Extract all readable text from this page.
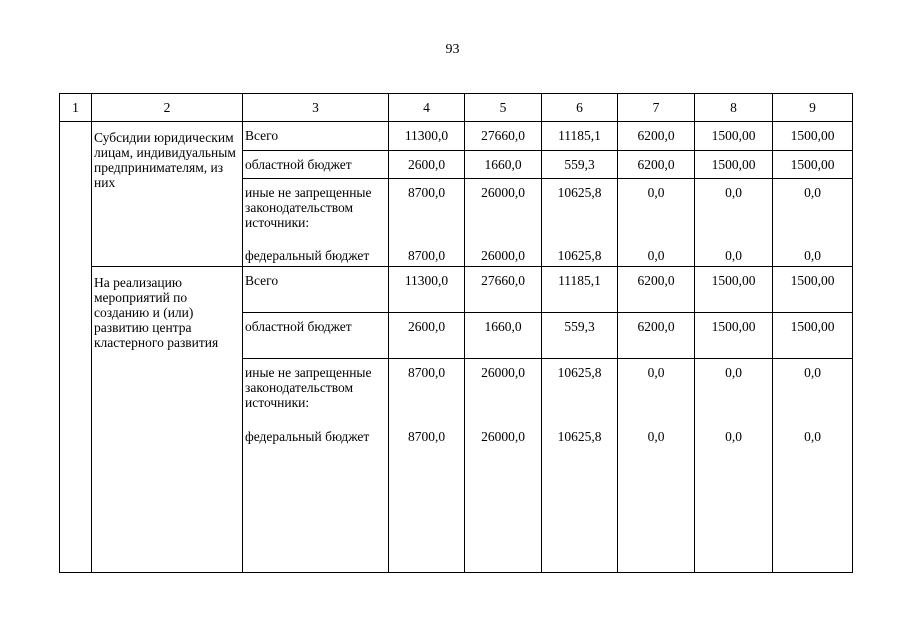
93
1	2	3	4	5	6	7	8	9
	Субсидии юридическим лицам, индивидуальным предпринимателям, из них	Всего	11300,0	27660,0	11185,1	6200,0	1500,00	1500,00
		областной бюджет	2600,0	1660,0	559,3	6200,0	1500,00	1500,00
		иные не запрещенные законодательством источники:	8700,0	26000,0	10625,8	0,0	0,0	0,0
		федеральный бюджет	8700,0	26000,0	10625,8	0,0	0,0	0,0
	На реализацию мероприятий по созданию и (или) развитию центра кластерного развития	Всего	11300,0	27660,0	11185,1	6200,0	1500,00	1500,00
		областной бюджет	2600,0	1660,0	559,3	6200,0	1500,00	1500,00
		иные не запрещенные законодательством источники:	8700,0	26000,0	10625,8	0,0	0,0	0,0
		федеральный бюджет	8700,0	26000,0	10625,8	0,0	0,0	0,0
